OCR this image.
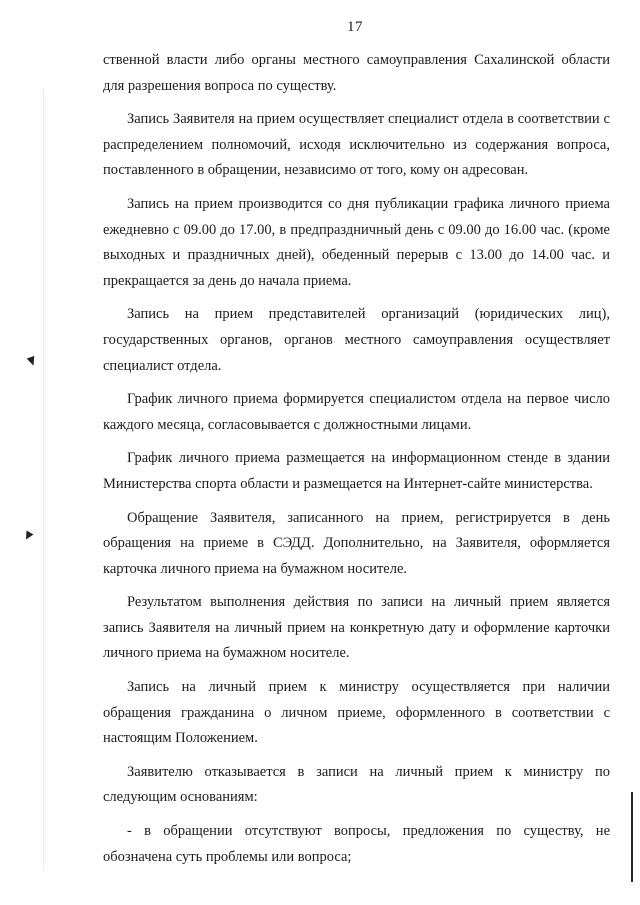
17

ственной власти либо органы местного самоуправления Сахалинской области для разрешения вопроса по существу.

Запись Заявителя на прием осуществляет специалист отдела в соответствии с распределением полномочий, исходя исключительно из содержания вопроса, поставленного в обращении, независимо от того, кому он адресован.

Запись на прием производится со дня публикации графика личного приема ежедневно с 09.00 до 17.00, в предпраздничный день с 09.00 до 16.00 час. (кроме выходных и праздничных дней), обеденный перерыв с 13.00 до 14.00 час. и прекращается за день до начала приема.

Запись на прием представителей организаций (юридических лиц), государственных органов, органов местного самоуправления осуществляет специалист отдела.

График личного приема формируется специалистом отдела на первое число каждого месяца, согласовывается с должностными лицами.

График личного приема размещается на информационном стенде в здании Министерства спорта области и размещается на Интернет-сайте министерства.

Обращение Заявителя, записанного на прием, регистрируется в день обращения на приеме в СЭДД. Дополнительно, на Заявителя, оформляется карточка личного приема на бумажном носителе.

Результатом выполнения действия по записи на личный прием является запись Заявителя на личный прием на конкретную дату и оформление карточки личного приема на бумажном носителе.

Запись на личный прием к министру осуществляется при наличии обращения гражданина о личном приеме, оформленного в соответствии с настоящим Положением.

Заявителю отказывается в записи на личный прием к министру по следующим основаниям:

- в обращении отсутствуют вопросы, предложения по существу, не обозначена суть проблемы или вопроса;
